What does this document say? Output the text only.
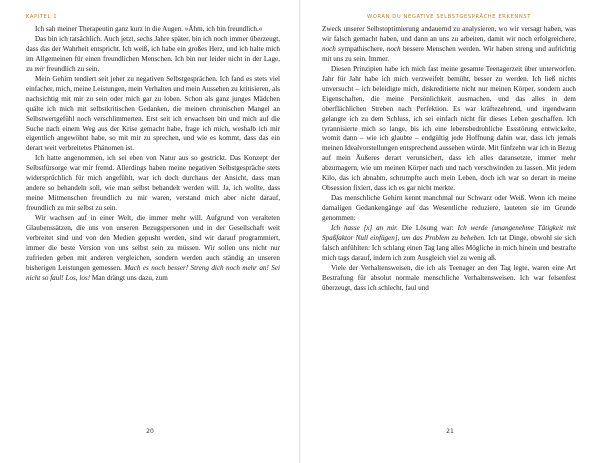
KAPITEL 1

Ich sah meiner Therapeutin ganz kurz in die Augen. »Ähm, ich bin freundlich.«

Das bin ich tatsächlich. Auch jetzt, sechs Jahre später, bin ich noch immer überzeugt, dass das der Wahrheit entspricht. Ich weiß, ich habe ein großes Herz, und ich halte mich im Allgemeinen für einen freundlichen Menschen. Ich bin nur leider nicht in der Lage, zu mir freundlich zu sein.

Mein Gehirn tendiert seit jeher zu negativen Selbstgesprächen. Ich fand es stets viel einfacher, mich, meine Leistungen, mein Verhalten und mein Aussehen zu kritisieren, als nachsichtig mit mir zu sein oder mich gar zu loben. Schon als ganz junges Mädchen quälte ich mich mit selbstkritischen Gedanken, die meinen chronischen Mangel an Selbstwertgefühl noch verschlimmerten. Erst seit ich erwachsen bin und mich auf die Suche nach einem Weg aus der Krise gemacht habe, frage ich mich, weshalb ich mir eigentlich angewöhnt habe, so mit mir zu sprechen, und wie es kommt, dass das ein derart weit verbreitetes Phänomen ist.

Ich hatte angenommen, ich sei eben von Natur aus so gestrickt. Das Konzept der Selbstfürsorge war mir fremd. Allerdings haben meine negativen Selbstgespräche stets widersprüchlich für mich angefühlt, war ich doch durchaus der Ansicht, dass man andere so behandeln soll, wie man selbst behandelt werden will. Ja, ich wollte, dass meine Mitmenschen freundlich zu mir waren, verstand mich aber nicht darauf, freundlich zu mir selbst zu sein.

Wir wachsen auf in einer Welt, die immer mehr will. Aufgrund von veralteten Glaubenssätzen, die uns von unseren Bezugspersonen und in der Gesellschaft weit verbreitet sind und von den Medien gepusht werden, sind wir darauf programmiert, immer die beste Version von uns selbst sein zu müssen. Wir sollen uns nicht nur zufrieden geben mit anderen vergleichen, sondern werden auch ständig an unseren bisherigen Leistungen gemessen. Mach es noch besser! Streng dich noch mehr an! Sei nicht so faul! Los, los! Man drängt uns dazu, zum

20
WORAN DU NEGATIVE SELBSTGESPRÄCHE ERKENNST

Zweck unserer Selbstoptimierung andauernd zu analysieren, wo wir versagt haben, was wir falsch gemacht haben, und dann an uns zu arbeiten, damit wir noch erfolgreichere, noch sympathischere, noch bessere Menschen werden. Wir haben streng und aufrichtig mit uns zu sein. Immer.

Diesen Prinzipien habe ich mich fast meine gesamte Teenagerzeit über unterworfen. Jahr für Jahr habe ich mich verzweifelt bemüht, besser zu werden. Ich ließ nichts unversucht – ich beleidigte mich, diskreditierte nicht nur meinen Körper, sondern auch Eigenschaften, die meine Persönlichkeit ausmachen, und das alles in dem oberflächlichen Streben nach Perfektion. Es war kräftezehrend, und irgendwann gelangte ich zu dem Schluss, ich sei einfach nicht für dieses Leben geschaffen. Ich tyrannisierte mich so lange, bis ich eine lebensbedrohliche Essstörung entwickelte, womit dann – wie ich glaubte – endgültig jede Hoffnung dahin war, dass ich jemals meinen Idealvorstellungen entsprechend aussehen würde. Mit fünfzehn war ich in Bezug auf mein Äußeres derart verunsichert, dass ich alles daransetzte, immer mehr abzumagern, wie um meinen Körper nach und nach verschwinden zu lassen. Mit jedem Kilo, das ich abnahm, schrumpfte auch mein Leben, doch ich war so derart in meine Obsession fixiert, dass ich es gar nicht merkte.

Das menschliche Gehirn kennt manchmal nur Schwarz oder Weiß. Wenn ich meine damaligen Gedankengänge auf das Wesentliche reduziere, lauteten sie im Grunde genommen:

Ich hasse [x] an mir. Die Lösung war: Ich werde [unangenehme Tätigkeit mit Spaßfaktor Null einfügen], um das Problem zu beheben. Ich tat Dinge, obwohl sie sich falsch anfühlten: Ich schlang einen Tag lang alles Mögliche in mich hinein und bestrafte mich tags darauf, indem ich zum Ausgleich viel zu wenig aß.

Viele der Verhaltensweisen, die ich als Teenager an den Tag legte, waren eine Art Bestrafung für absolut normale menschliche Verhaltensweisen. Ich war felsenfest überzeugt, dass ich schlecht, faul und

21
